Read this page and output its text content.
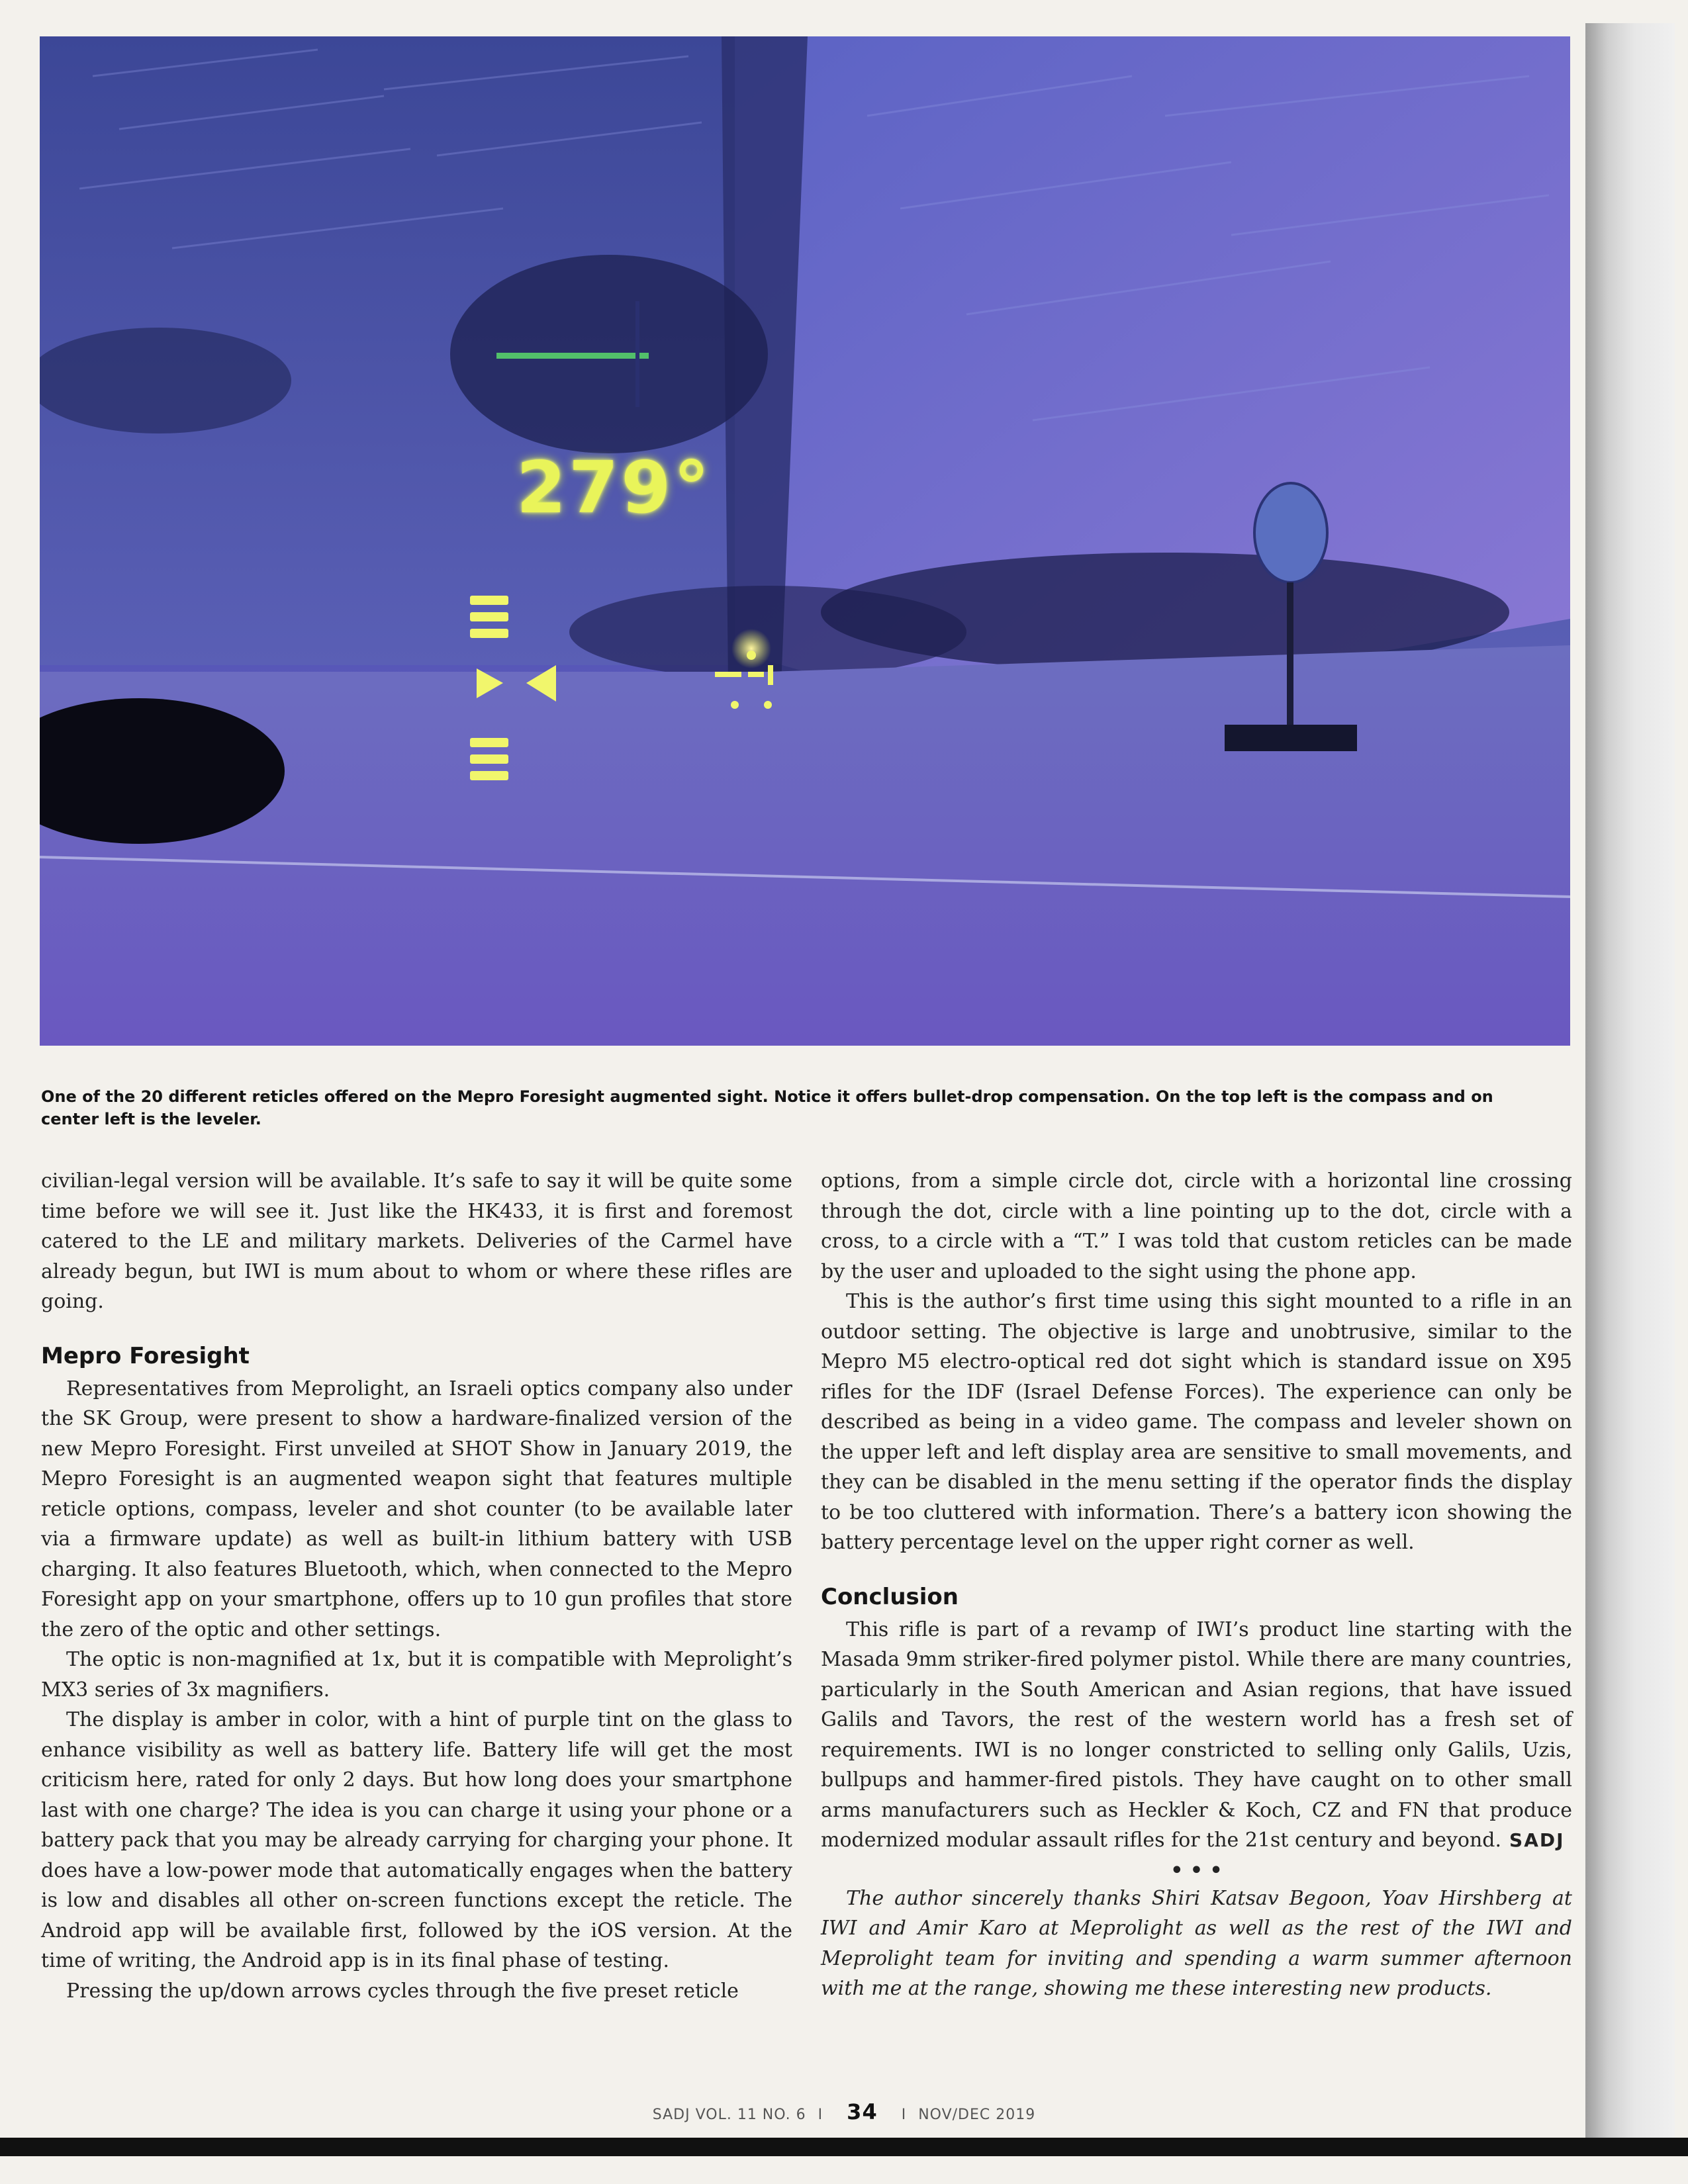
279°
One of the 20 different reticles offered on the Mepro Foresight augmented sight. Notice it offers bullet-drop compensation. On the top left is the compass and on center left is the leveler.

civilian-legal version will be available. It’s safe to say it will be quite some time before we will see it. Just like the HK433, it is first and foremost catered to the LE and military markets. Deliveries of the Carmel have already begun, but IWI is mum about to whom or where these rifles are going.

Mepro Foresight

Representatives from Meprolight, an Israeli optics company also under the SK Group, were present to show a hardware-finalized version of the new Mepro Foresight. First unveiled at SHOT Show in January 2019, the Mepro Foresight is an augmented weapon sight that features multiple reticle options, compass, leveler and shot counter (to be available later via a firmware update) as well as built-in lithium battery with USB charging. It also features Bluetooth, which, when connected to the Mepro Foresight app on your smartphone, offers up to 10 gun profiles that store the zero of the optic and other settings.

The optic is non-magnified at 1x, but it is compatible with Meprolight’s MX3 series of 3x magnifiers.

The display is amber in color, with a hint of purple tint on the glass to enhance visibility as well as battery life. Battery life will get the most criticism here, rated for only 2 days. But how long does your smartphone last with one charge? The idea is you can charge it using your phone or a battery pack that you may be already carrying for charging your phone. It does have a low-power mode that automatically engages when the battery is low and disables all other on-screen functions except the reticle. The Android app will be available first, followed by the iOS version. At the time of writing, the Android app is in its final phase of testing.

Pressing the up/down arrows cycles through the five preset reticle

options, from a simple circle dot, circle with a horizontal line crossing through the dot, circle with a line pointing up to the dot, circle with a cross, to a circle with a “T.” I was told that custom reticles can be made by the user and uploaded to the sight using the phone app.

This is the author’s first time using this sight mounted to a rifle in an outdoor setting. The objective is large and unobtrusive, similar to the Mepro M5 electro-optical red dot sight which is standard issue on X95 rifles for the IDF (Israel Defense Forces). The experience can only be described as being in a video game. The compass and leveler shown on the upper left and left display area are sensitive to small movements, and they can be disabled in the menu setting if the operator finds the display to be too cluttered with information. There’s a battery icon showing the battery percentage level on the upper right corner as well.

Conclusion

This rifle is part of a revamp of IWI’s product line starting with the Masada 9mm striker-fired polymer pistol. While there are many countries, particularly in the South American and Asian regions, that have issued Galils and Tavors, the rest of the western world has a fresh set of requirements. IWI is no longer constricted to selling only Galils, Uzis, bullpups and hammer-fired pistols. They have caught on to other small arms manufacturers such as Heckler & Koch, CZ and FN that produce modernized modular assault rifles for the 21st century and beyond. SADJ

• • •

The author sincerely thanks Shiri Katsav Begoon, Yoav Hirshberg at IWI and Amir Karo at Meprolight as well as the rest of the IWI and Meprolight team for inviting and spending a warm summer afternoon with me at the range, showing me these interesting new products.

SADJ VOL. 11 NO. 6 I 34 I NOV/DEC 2019
